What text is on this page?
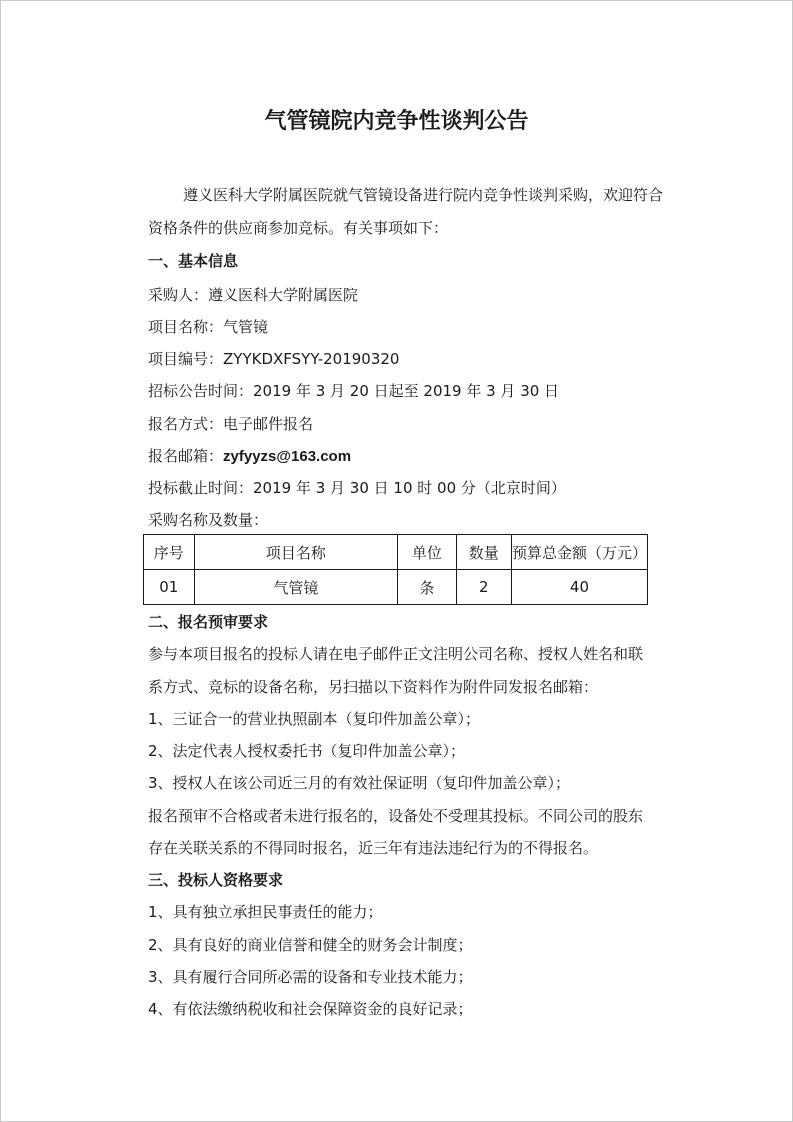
气管镜院内竞争性谈判公告
遵义医科大学附属医院就气管镜设备进行院内竞争性谈判采购，欢迎符合
资格条件的供应商参加竞标。有关事项如下：
一、基本信息
采购人：遵义医科大学附属医院
项目名称：气管镜
项目编号：ZYYKDXFSYY-20190320
招标公告时间：2019 年 3 月 20 日起至 2019 年 3 月 30 日
报名方式：电子邮件报名
报名邮箱：zyfyyzs@163.com
投标截止时间：2019 年 3 月 30 日 10 时 00 分（北京时间）
采购名称及数量：
序号	项目名称	单位	数量	预算总金额（万元）
01	气管镜	条	2	40
二、报名预审要求
参与本项目报名的投标人请在电子邮件正文注明公司名称、授权人姓名和联
系方式、竞标的设备名称，另扫描以下资料作为附件同发报名邮箱：
1、三证合一的营业执照副本（复印件加盖公章）；
2、法定代表人授权委托书（复印件加盖公章）；
3、授权人在该公司近三月的有效社保证明（复印件加盖公章）；
报名预审不合格或者未进行报名的，设备处不受理其投标。不同公司的股东
存在关联关系的不得同时报名，近三年有违法违纪行为的不得报名。
三、投标人资格要求
1、具有独立承担民事责任的能力；
2、具有良好的商业信誉和健全的财务会计制度；
3、具有履行合同所必需的设备和专业技术能力；
4、有依法缴纳税收和社会保障资金的良好记录；
